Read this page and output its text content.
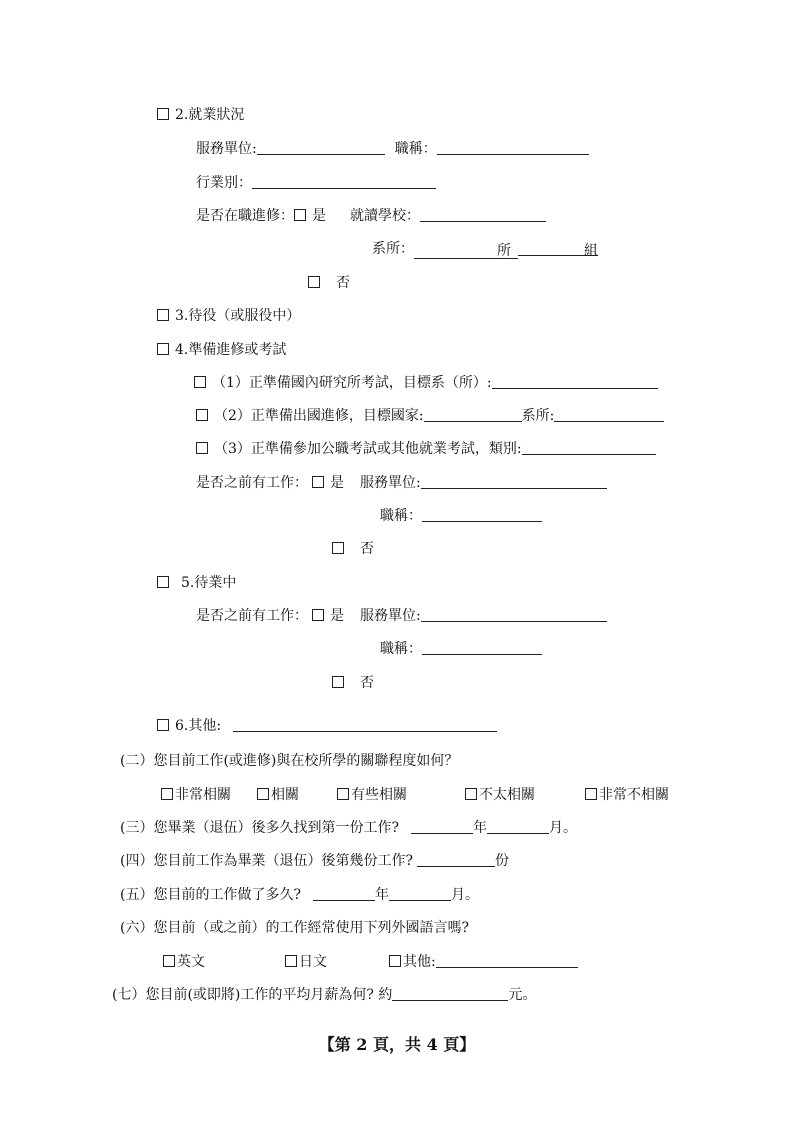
2.就業狀況
服務單位:	職稱：
行業別：
是否在職進修： 是 就讀學校：
系所：	所	組
否
3.待役（或服役中）
4.準備進修或考試
（1）正準備國內研究所考試，目標系（所）:
（2）正準備出國進修，目標國家:	系所:
（3）正準備參加公職考試或其他就業考試，類別:
是否之前有工作： 是 服務單位:
職稱：
否
5.待業中
是否之前有工作： 是 服務單位:
職稱：
否
6.其他:
(二）您目前工作(或進修)與在校所學的關聯程度如何？
非常相關	相關	有些相關	不太相關	非常不相關
(三）您畢業（退伍）後多久找到第一份工作?	年	月。
(四）您目前工作為畢業（退伍）後第幾份工作?	份
(五）您目前的工作做了多久?	年	月。
(六）您目前（或之前）的工作經常使用下列外國語言嗎?
英文	日文	其他:
(七）您目前(或即將)工作的平均月薪為何? 約	元。
【第 2 頁，共 4 頁】
